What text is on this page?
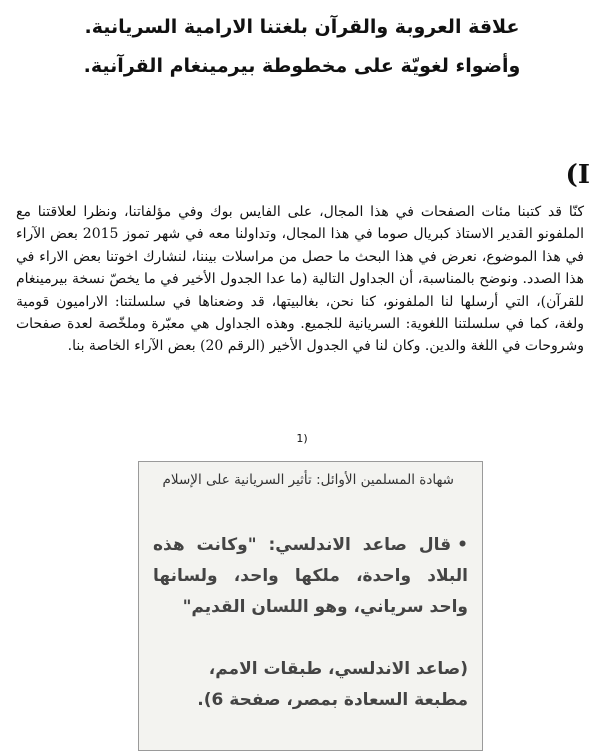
علاقة العروبة والقرآن بلغتنا الارامية السريانية.
وأضواء لغويّة على مخطوطة بيرمينغام القرآنية.
(I

كنّا قد كتبنا مئات الصفحات في هذا المجال، على الفايس بوك وفي مؤلفاتنا، ونظرا لعلاقتنا مع الملفونو القدير الاستاذ كبريال صوما في هذا المجال، وتداولنا معه في شهر تموز 2015 بعض الآراء في هذا الموضوع، نعرض في هذا البحث ما حصل من مراسلات بيننا، لنشارك اخوتنا بعض الاراء في هذا الصدد. ونوضح بالمناسبة، أن الجداول التالية (ما عدا الجدول الأخير في ما يخصّ نسخة بيرمينغام للقرآن)، التي أرسلها لنا الملفونو، كنا نحن، بغالبيتها، قد وضعناها في سلسلتنا: الاراميون قومية ولغة، كما في سلسلتنا اللغوية: السريانية للجميع. وهذه الجداول هي معبّرة وملخّصة لعدة صفحات وشروحات في اللغة والدين. وكان لنا في الجدول الأخير (الرقم 20) بعض الآراء الخاصة بنا.

1)

شهادة المسلمين الأوائل: تأثير السريانية على الإسلام

•قال صاعد الاندلسي: "وكانت هذه البلاد واحدة، ملكها واحد، ولسانها واحد سرياني، وهو اللسان القديم"

(صاعد الاندلسي، طبقات الامم، مطبعة السعادة بمصر، صفحة 6).
